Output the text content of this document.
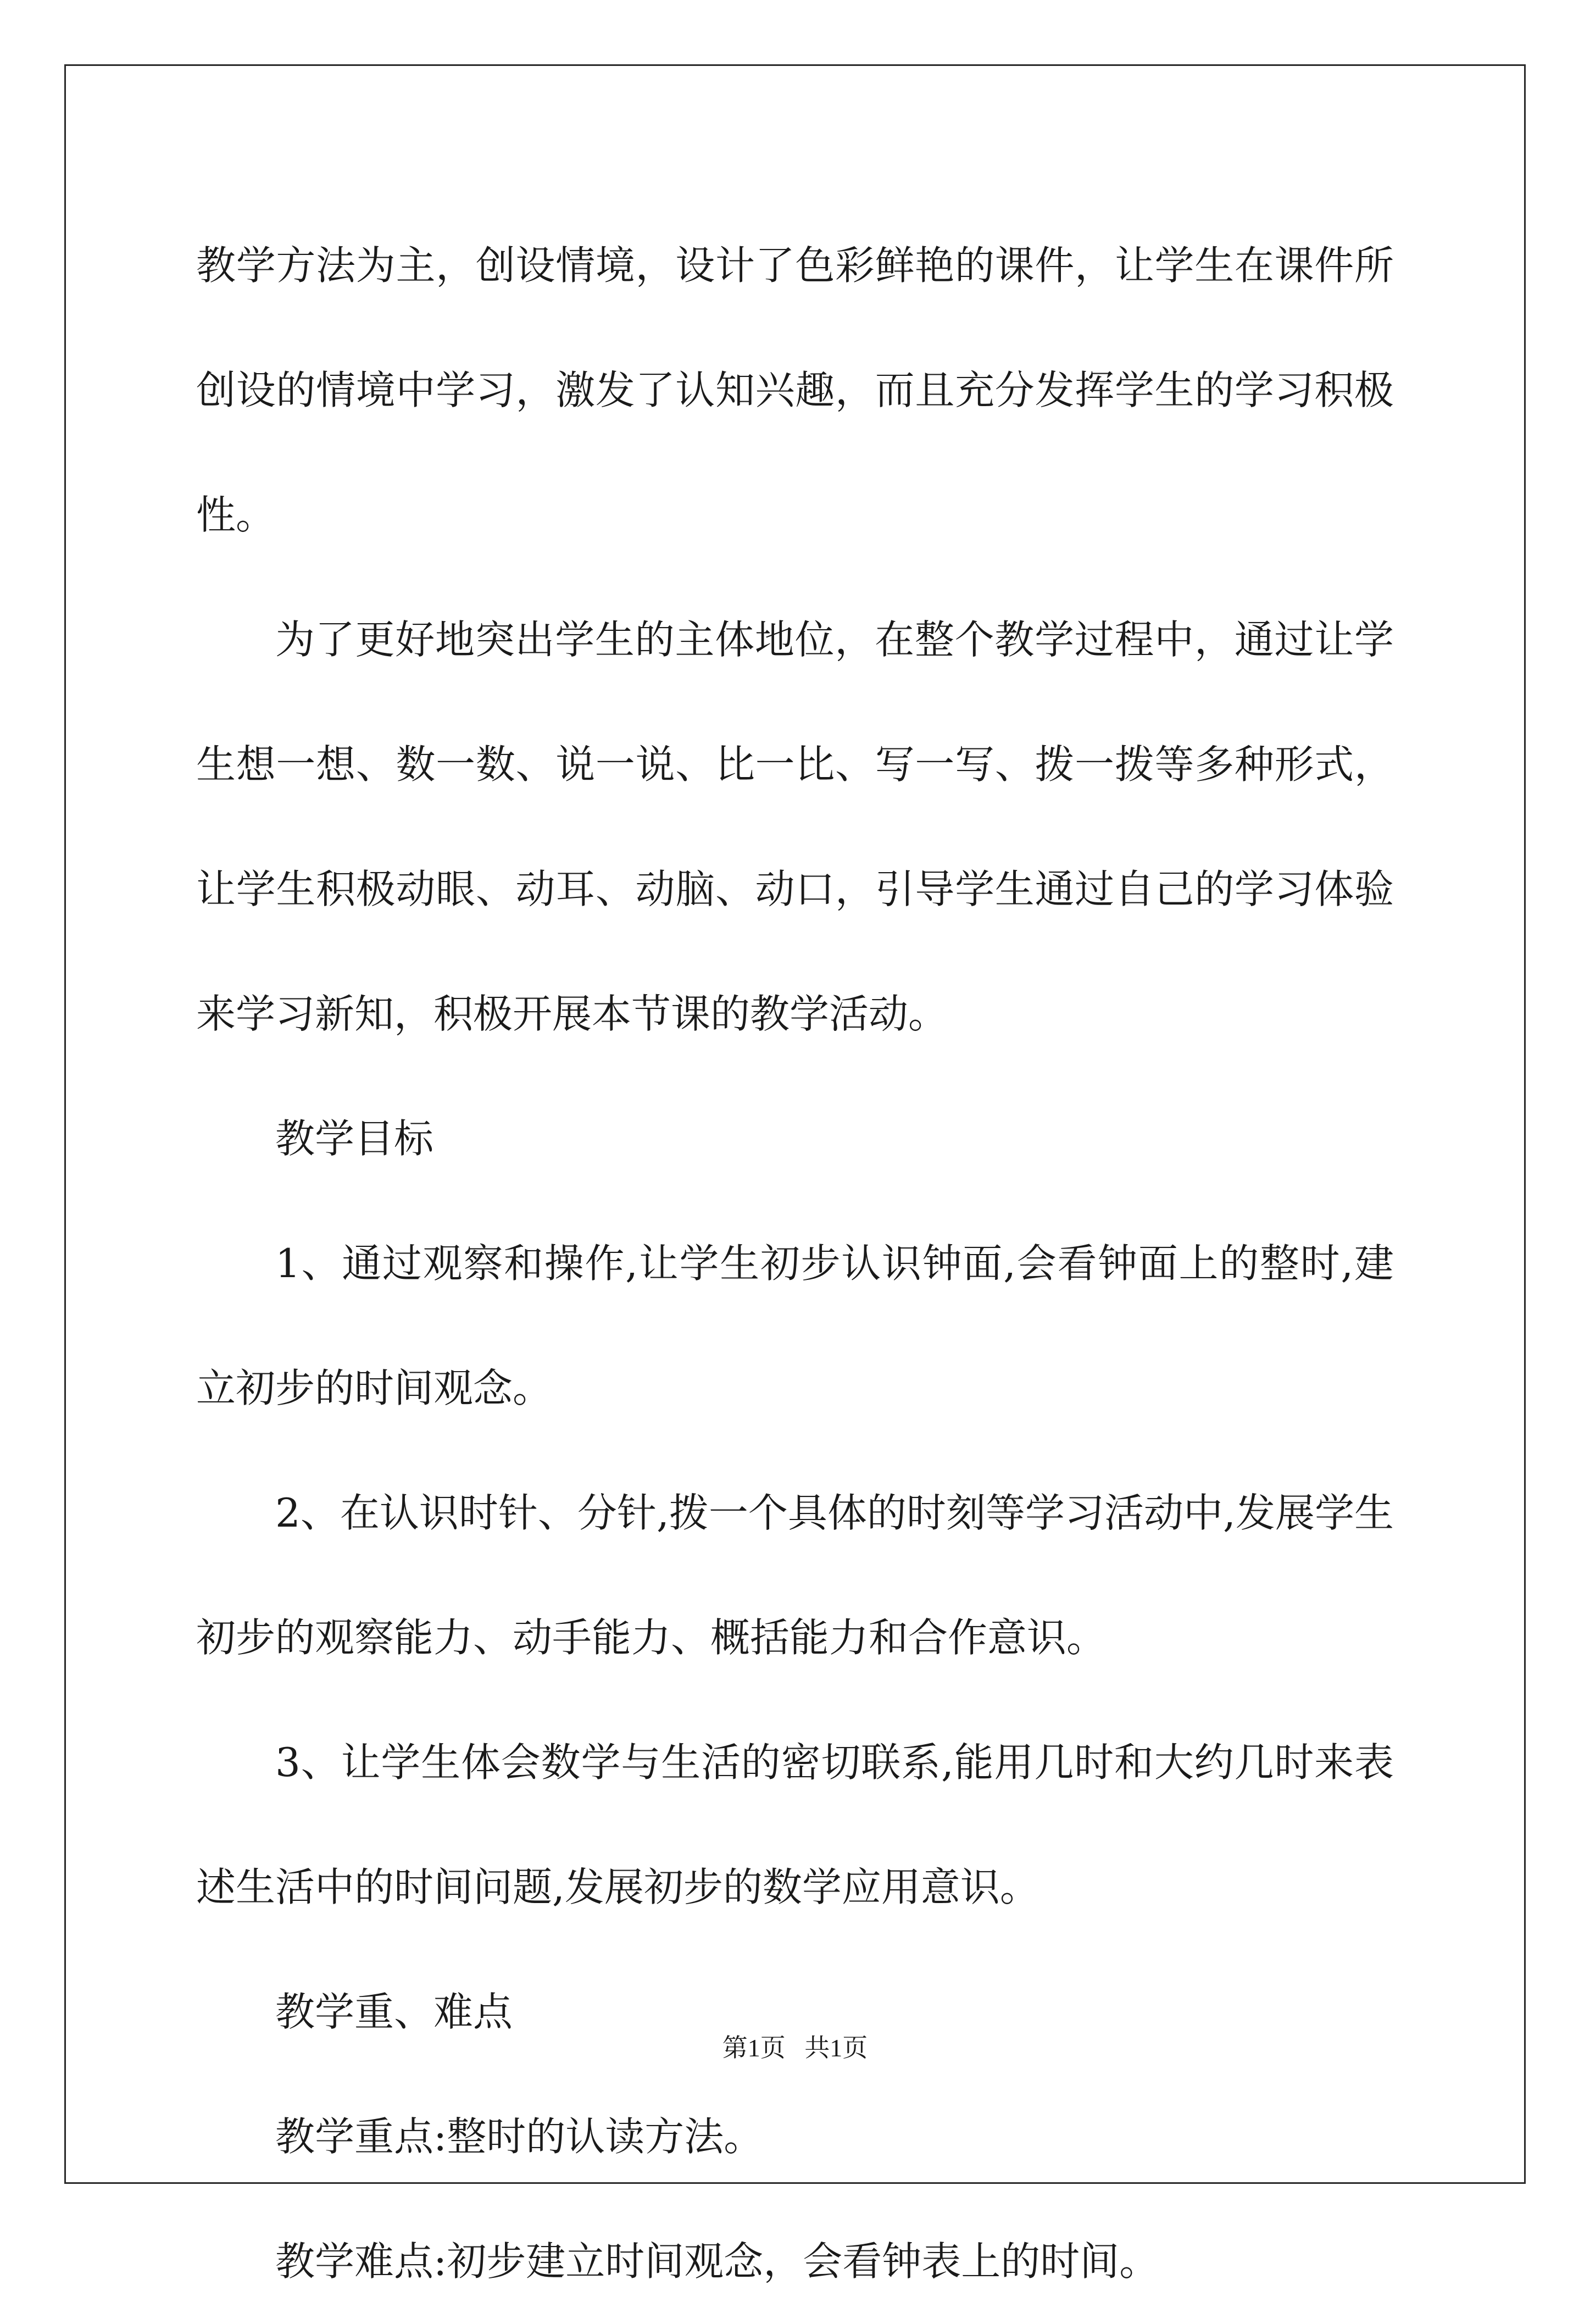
教学方法为主，创设情境，设计了色彩鲜艳的课件，让学生在课件所创设的情境中学习，激发了认知兴趣，而且充分发挥学生的学习积极性。

为了更好地突出学生的主体地位，在整个教学过程中，通过让学生想一想、数一数、说一说、比一比、写一写、拨一拨等多种形式，让学生积极动眼、动耳、动脑、动口，引导学生通过自己的学习体验来学习新知，积极开展本节课的教学活动。

教学目标

1、通过观察和操作,让学生初步认识钟面,会看钟面上的整时,建立初步的时间观念。

2、在认识时针、分针,拨一个具体的时刻等学习活动中,发展学生初步的观察能力、动手能力、概括能力和合作意识。

3、让学生体会数学与生活的密切联系,能用几时和大约几时来表述生活中的时间问题,发展初步的数学应用意识。

教学重、难点

教学重点:整时的认读方法。

教学难点:初步建立时间观念，会看钟表上的时间。

第1页 共1页
